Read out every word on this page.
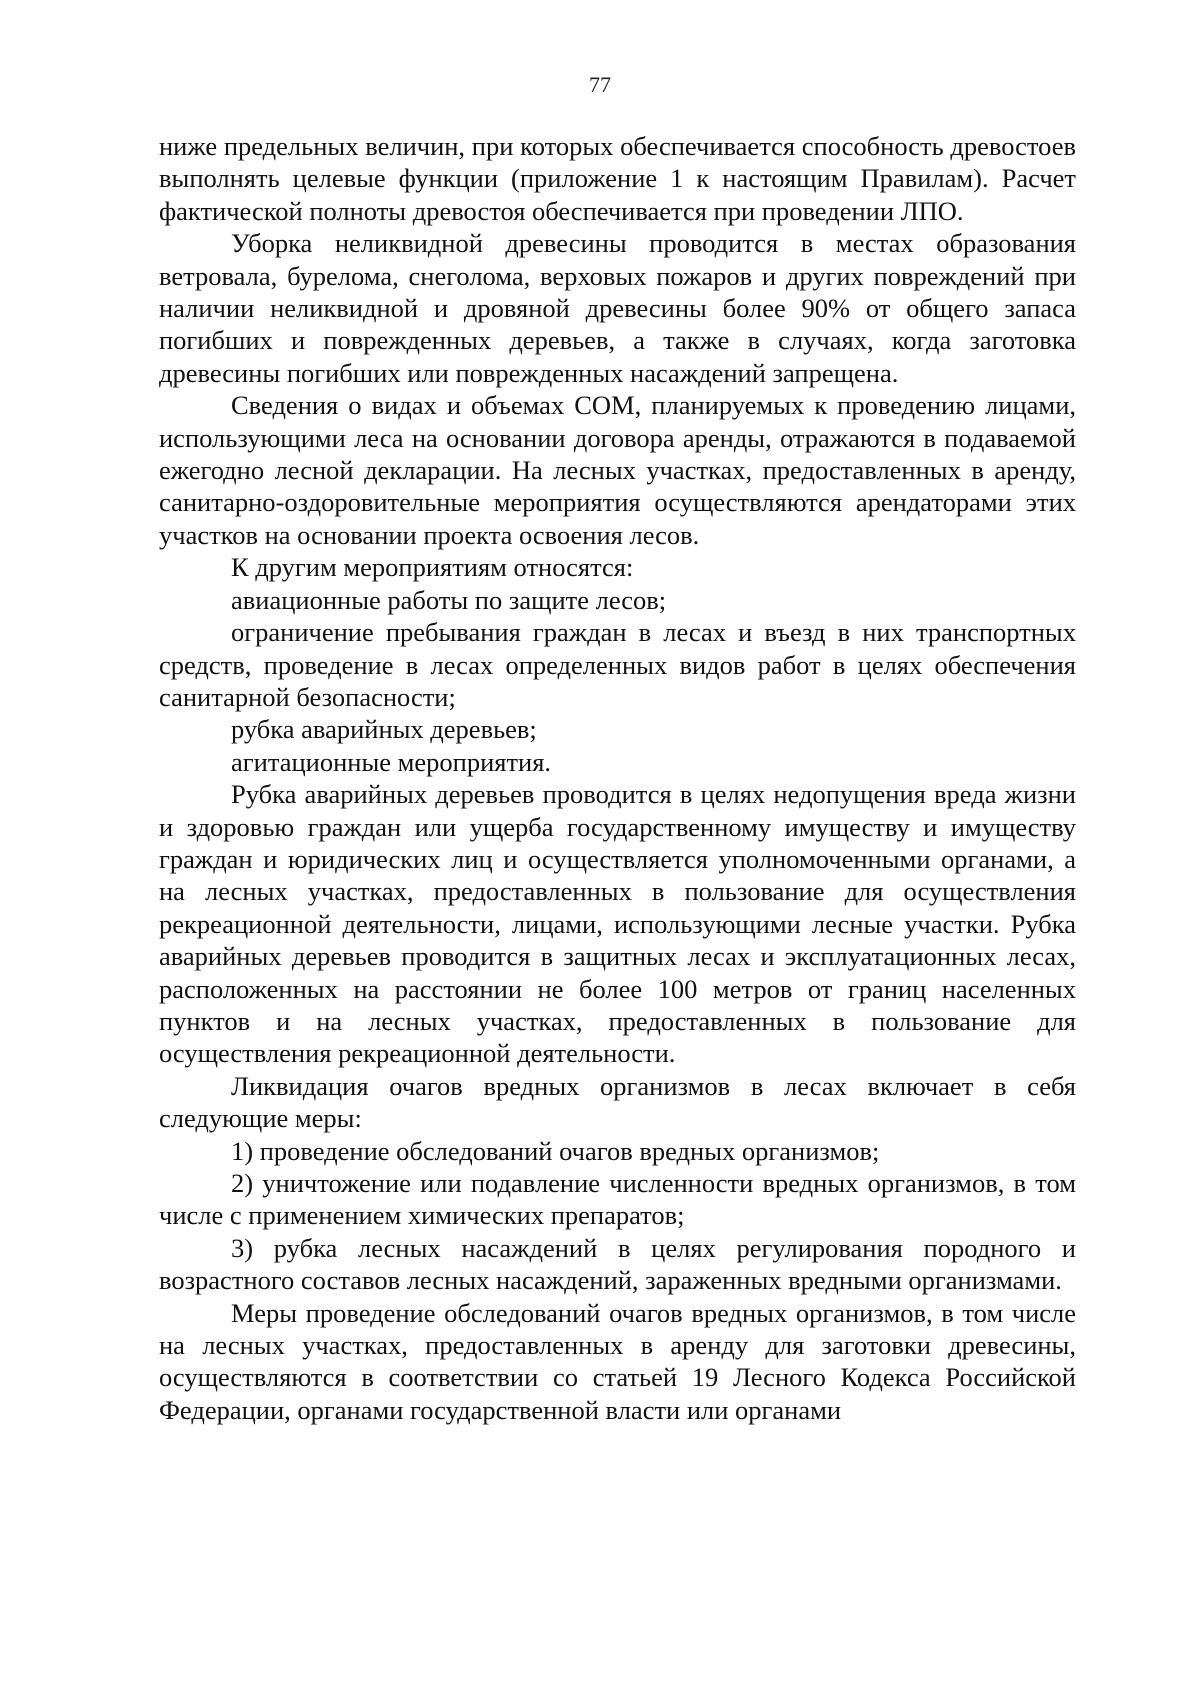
77

ниже предельных величин, при которых обеспечивается способность древостоев выполнять целевые функции (приложение 1 к настоящим Правилам). Расчет фактической полноты древостоя обеспечивается при проведении ЛПО.

Уборка неликвидной древесины проводится в местах образования ветровала, бурелома, снеголома, верховых пожаров и других повреждений при наличии неликвидной и дровяной древесины более 90% от общего запаса погибших и поврежденных деревьев, а также в случаях, когда заготовка древесины погибших или поврежденных насаждений запрещена.

Сведения о видах и объемах СОМ, планируемых к проведению лицами, использующими леса на основании договора аренды, отражаются в подаваемой ежегодно лесной декларации. На лесных участках, предоставленных в аренду, санитарно-оздоровительные мероприятия осуществляются арендаторами этих участков на основании проекта освоения лесов.

К другим мероприятиям относятся:

авиационные работы по защите лесов;

ограничение пребывания граждан в лесах и въезд в них транспортных средств, проведение в лесах определенных видов работ в целях обеспечения санитарной безопасности;

рубка аварийных деревьев;

агитационные мероприятия.

Рубка аварийных деревьев проводится в целях недопущения вреда жизни и здоровью граждан или ущерба государственному имуществу и имуществу граждан и юридических лиц и осуществляется уполномоченными органами, а на лесных участках, предоставленных в пользование для осуществления рекреационной деятельности, лицами, использующими лесные участки. Рубка аварийных деревьев проводится в защитных лесах и эксплуатационных лесах, расположенных на расстоянии не более 100 метров от границ населенных пунктов и на лесных участках, предоставленных в пользование для осуществления рекреационной деятельности.

Ликвидация очагов вредных организмов в лесах включает в себя следующие меры:

1) проведение обследований очагов вредных организмов;

2) уничтожение или подавление численности вредных организмов, в том числе с применением химических препаратов;

3) рубка лесных насаждений в целях регулирования породного и возрастного составов лесных насаждений, зараженных вредными организмами.

Меры проведение обследований очагов вредных организмов, в том числе на лесных участках, предоставленных в аренду для заготовки древесины, осуществляются в соответствии со статьей 19 Лесного Кодекса Российской Федерации, органами государственной власти или органами
